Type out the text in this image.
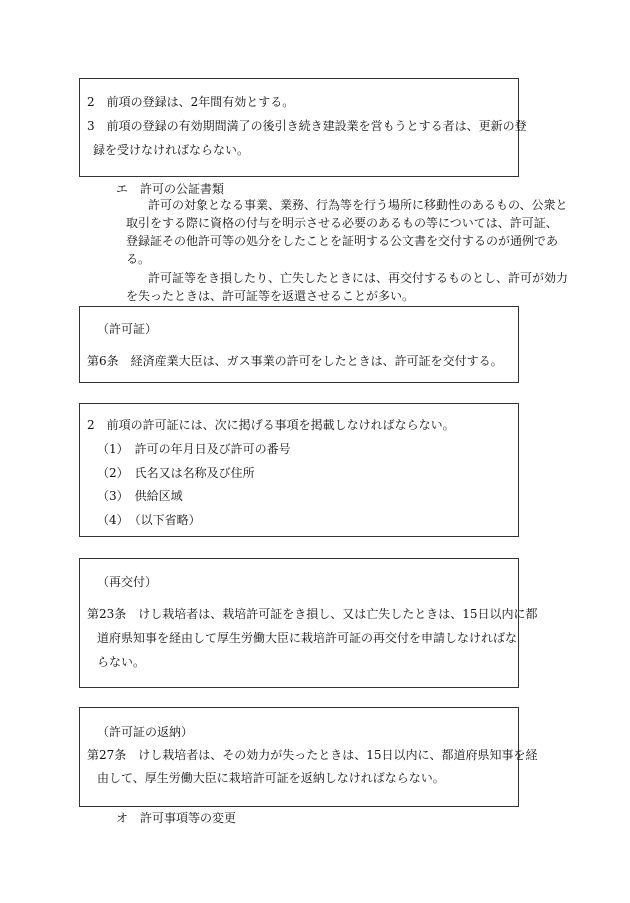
2　前項の登録は、2年間有効とする。
3　前項の登録の有効期間満了の後引き続き建設業を営もうとする者は、更新の登
録を受けなければならない。
エ　許可の公証書類
許可の対象となる事業、業務、行為等を行う場所に移動性のあるもの、公衆と
取引をする際に資格の付与を明示させる必要のあるもの等については、許可証、
登録証その他許可等の処分をしたことを証明する公文書を交付するのが通例であ
る。
許可証等をき損したり、亡失したときには、再交付するものとし、許可が効力
を失ったときは、許可証等を返還させることが多い。
（許可証）
第6条　経済産業大臣は、ガス事業の許可をしたときは、許可証を交付する。
2　前項の許可証には、次に掲げる事項を掲載しなければならない。
（1）　許可の年月日及び許可の番号
（2）　氏名又は名称及び住所
（3）　供給区域
（4）　（以下省略）
（再交付）
第23条　けし栽培者は、栽培許可証をき損し、又は亡失したときは、15日以内に都
道府県知事を経由して厚生労働大臣に栽培許可証の再交付を申請しなければな
らない。
（許可証の返納）
第27条　けし栽培者は、その効力が失ったときは、15日以内に、都道府県知事を経
由して、厚生労働大臣に栽培許可証を返納しなければならない。
オ　許可事項等の変更
